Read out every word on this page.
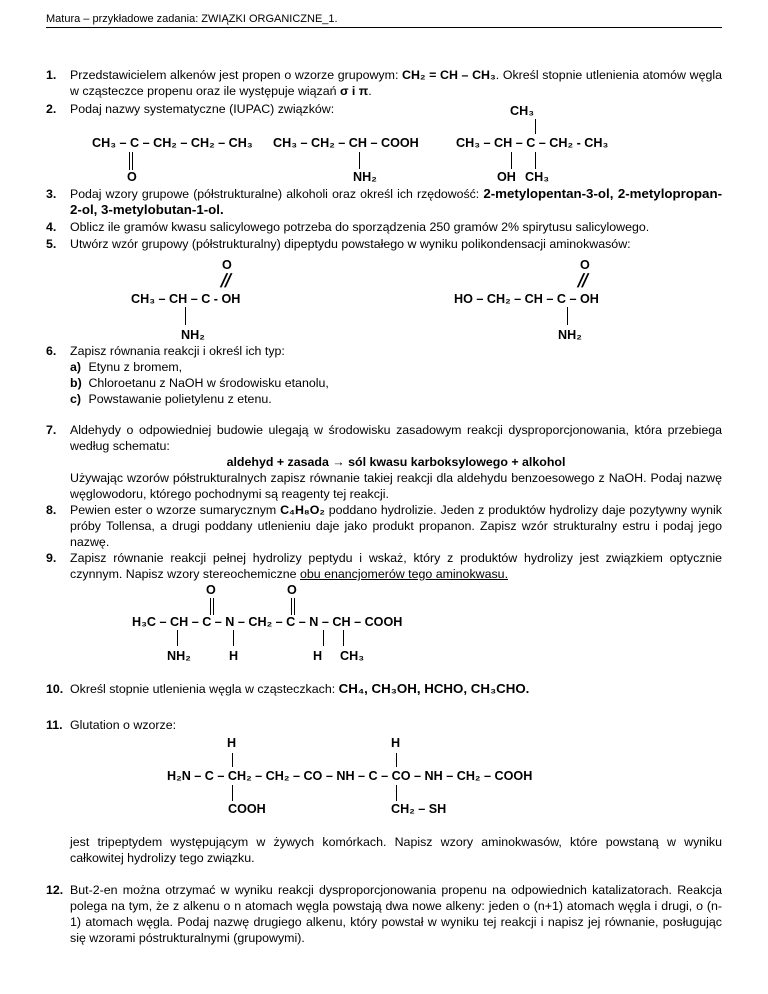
Matura – przykładowe zadania: ZWIĄZKI ORGANICZNE_1.
1. Przedstawicielem alkenów jest propen o wzorze grupowym: CH₂ = CH – CH₃. Określ stopnie utlenienia atomów węgla w cząsteczce propenu oraz ile występuje wiązań σ i π.
2. Podaj nazwy systematyczne (IUPAC) związków:	CH₃
CH₃ – C – CH₂ – CH₂ – CH₃
O
CH₃ – CH₂ – CH – COOH
NH₂
CH₃ – CH – C – CH₂ - CH₃
OH CH₃
3. Podaj wzory grupowe (półstrukturalne) alkoholi oraz określ ich rzędowość: 2-metylopentan-3-ol, 2-metylopropan-2-ol, 3-metylobutan-1-ol.
4. Oblicz ile gramów kwasu salicylowego potrzeba do sporządzenia 250 gramów 2% spirytusu salicylowego.
5. Utwórz wzór grupowy (półstrukturalny) dipeptydu powstałego w wyniku polikondensacji aminokwasów:
O
||
CH₃ – CH – C - OH
NH₂
O
||
HO – CH₂ – CH – C – OH
NH₂
6. Zapisz równania reakcji i określ ich typ:
a) Etynu z bromem,
b) Chloroetanu z NaOH w środowisku etanolu,
c) Powstawanie polietylenu z etenu.
7. Aldehydy o odpowiedniej budowie ulegają w środowisku zasadowym reakcji dysproporcjonowania, która przebiega według schematu:
aldehyd + zasada → sól kwasu karboksylowego + alkohol
Używając wzorów półstrukturalnych zapisz równanie takiej reakcji dla aldehydu benzoesowego z NaOH. Podaj nazwę węglowodoru, którego pochodnymi są reagenty tej reakcji.
8. Pewien ester o wzorze sumarycznym C₄H₈O₂ poddano hydrolizie. Jeden z produktów hydrolizy daje pozytywny wynik próby Tollensa, a drugi poddany utlenieniu daje jako produkt propanon. Zapisz wzór strukturalny estru i podaj jego nazwę.
9. Zapisz równanie reakcji pełnej hydrolizy peptydu i wskaż, który z produktów hydrolizy jest związkiem optycznie czynnym. Napisz wzory stereochemiczne obu enancjomerów tego aminokwasu.
O	O
H₃C – CH – C – N – CH₂ – C – N – CH – COOH
NH₂	H	H CH₃
10. Określ stopnie utlenienia węgla w cząsteczkach: CH₄, CH₃OH, HCHO, CH₃CHO.
11. Glutation o wzorze:
H	H
H₂N – C – CH₂ – CH₂ – CO – NH – C – CO – NH – CH₂ – COOH
COOH	CH₂ – SH
jest tripeptydem występującym w żywych komórkach. Napisz wzory aminokwasów, które powstaną w wyniku całkowitej hydrolizy tego związku.
12. But-2-en można otrzymać w wyniku reakcji dysproporcjonowania propenu na odpowiednich katalizatorach. Reakcja polega na tym, że z alkenu o n atomach węgla powstają dwa nowe alkeny: jeden o (n+1) atomach węgla i drugi, o (n-1) atomach węgla. Podaj nazwę drugiego alkenu, który powstał w wyniku tej reakcji i napisz jej równanie, posługując się wzorami póstrukturalnymi (grupowymi).
